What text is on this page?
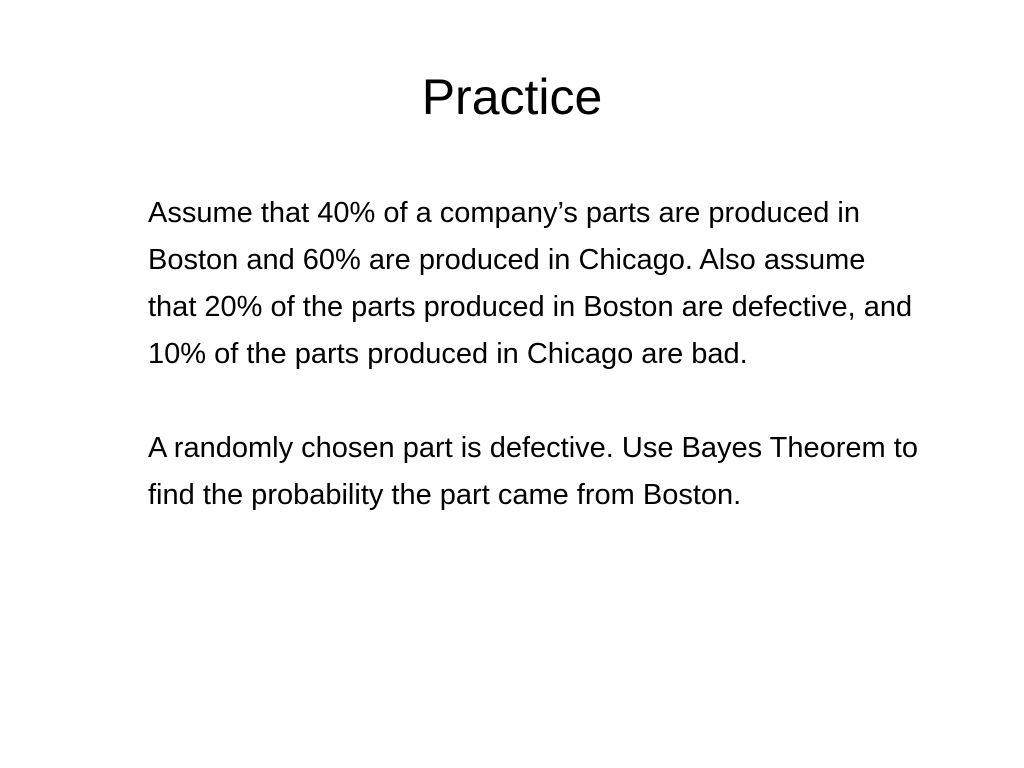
Practice

Assume that 40% of a company’s parts are produced in Boston and 60% are produced in Chicago. Also assume that 20% of the parts produced in Boston are defective, and 10% of the parts produced in Chicago are bad.

A randomly chosen part is defective. Use Bayes Theorem to find the probability the part came from Boston.
